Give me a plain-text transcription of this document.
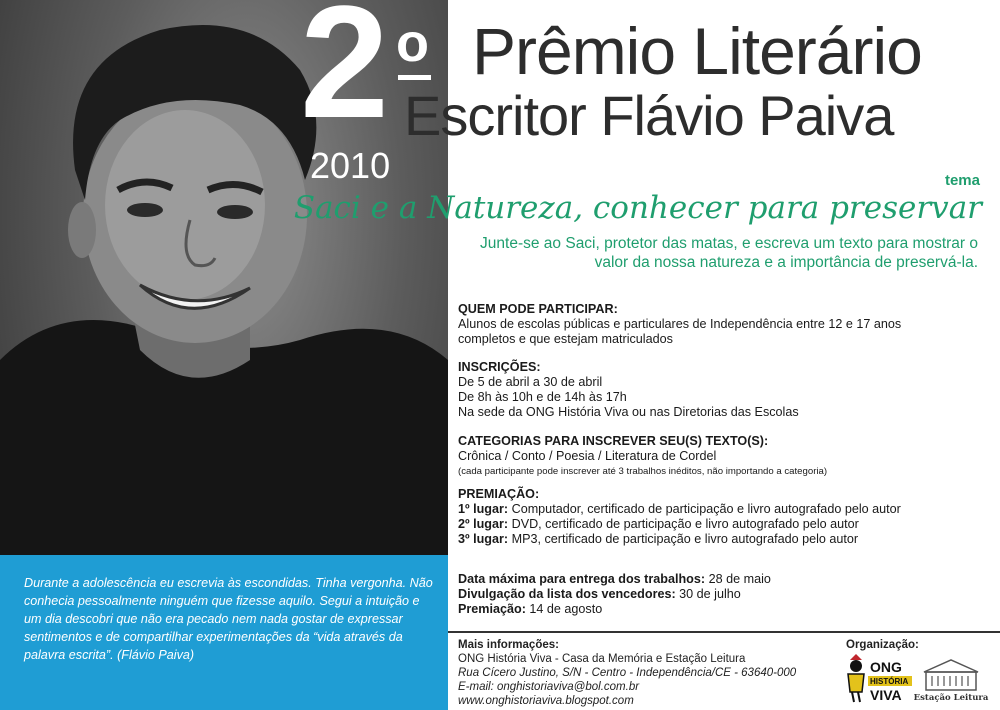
2 o
2010
Prêmio Literário
Escritor Flávio Paiva
tema
Saci e a Natureza, conhecer para preservar
Junte-se ao Saci, protetor das matas, e escreva um texto para mostrar o valor da nossa natureza e a importância de preservá-la.
QUEM PODE PARTICIPAR:
Alunos de escolas públicas e particulares de Independência entre 12 e 17 anos completos e que estejam matriculados
INSCRIÇÕES:
De 5 de abril a 30 de abril
De 8h às 10h e de 14h às 17h
Na sede da ONG História Viva ou nas Diretorias das Escolas
CATEGORIAS PARA INSCREVER SEU(S) TEXTO(S):
Crônica / Conto / Poesia / Literatura de Cordel
(cada participante pode inscrever até 3 trabalhos inéditos, não importando a categoria)
PREMIAÇÃO:
1º lugar: Computador, certificado de participação e livro autografado pelo autor
2º lugar: DVD, certificado de participação e livro autografado pelo autor
3º lugar: MP3, certificado de participação e livro autografado pelo autor
Data máxima para entrega dos trabalhos: 28 de maio
Divulgação da lista dos vencedores: 30 de julho
Premiação: 14 de agosto
Durante a adolescência eu escrevia às escondidas. Tinha vergonha. Não conhecia pessoalmente ninguém que fizesse aquilo. Segui a intuição e um dia descobri que não era pecado nem nada gostar de expressar sentimentos e de compartilhar experimentações da “vida através da palavra escrita”. (Flávio Paiva)
Mais informações:
ONG História Viva - Casa da Memória e Estação Leitura
Rua Cícero Justino, S/N - Centro - Independência/CE - 63640-000
E-mail: onghistoriaviva@bol.com.br
www.onghistoriaviva.blogspot.com
Organização:
ONG
HISTÓRIA
VIVA Estação Leitura
